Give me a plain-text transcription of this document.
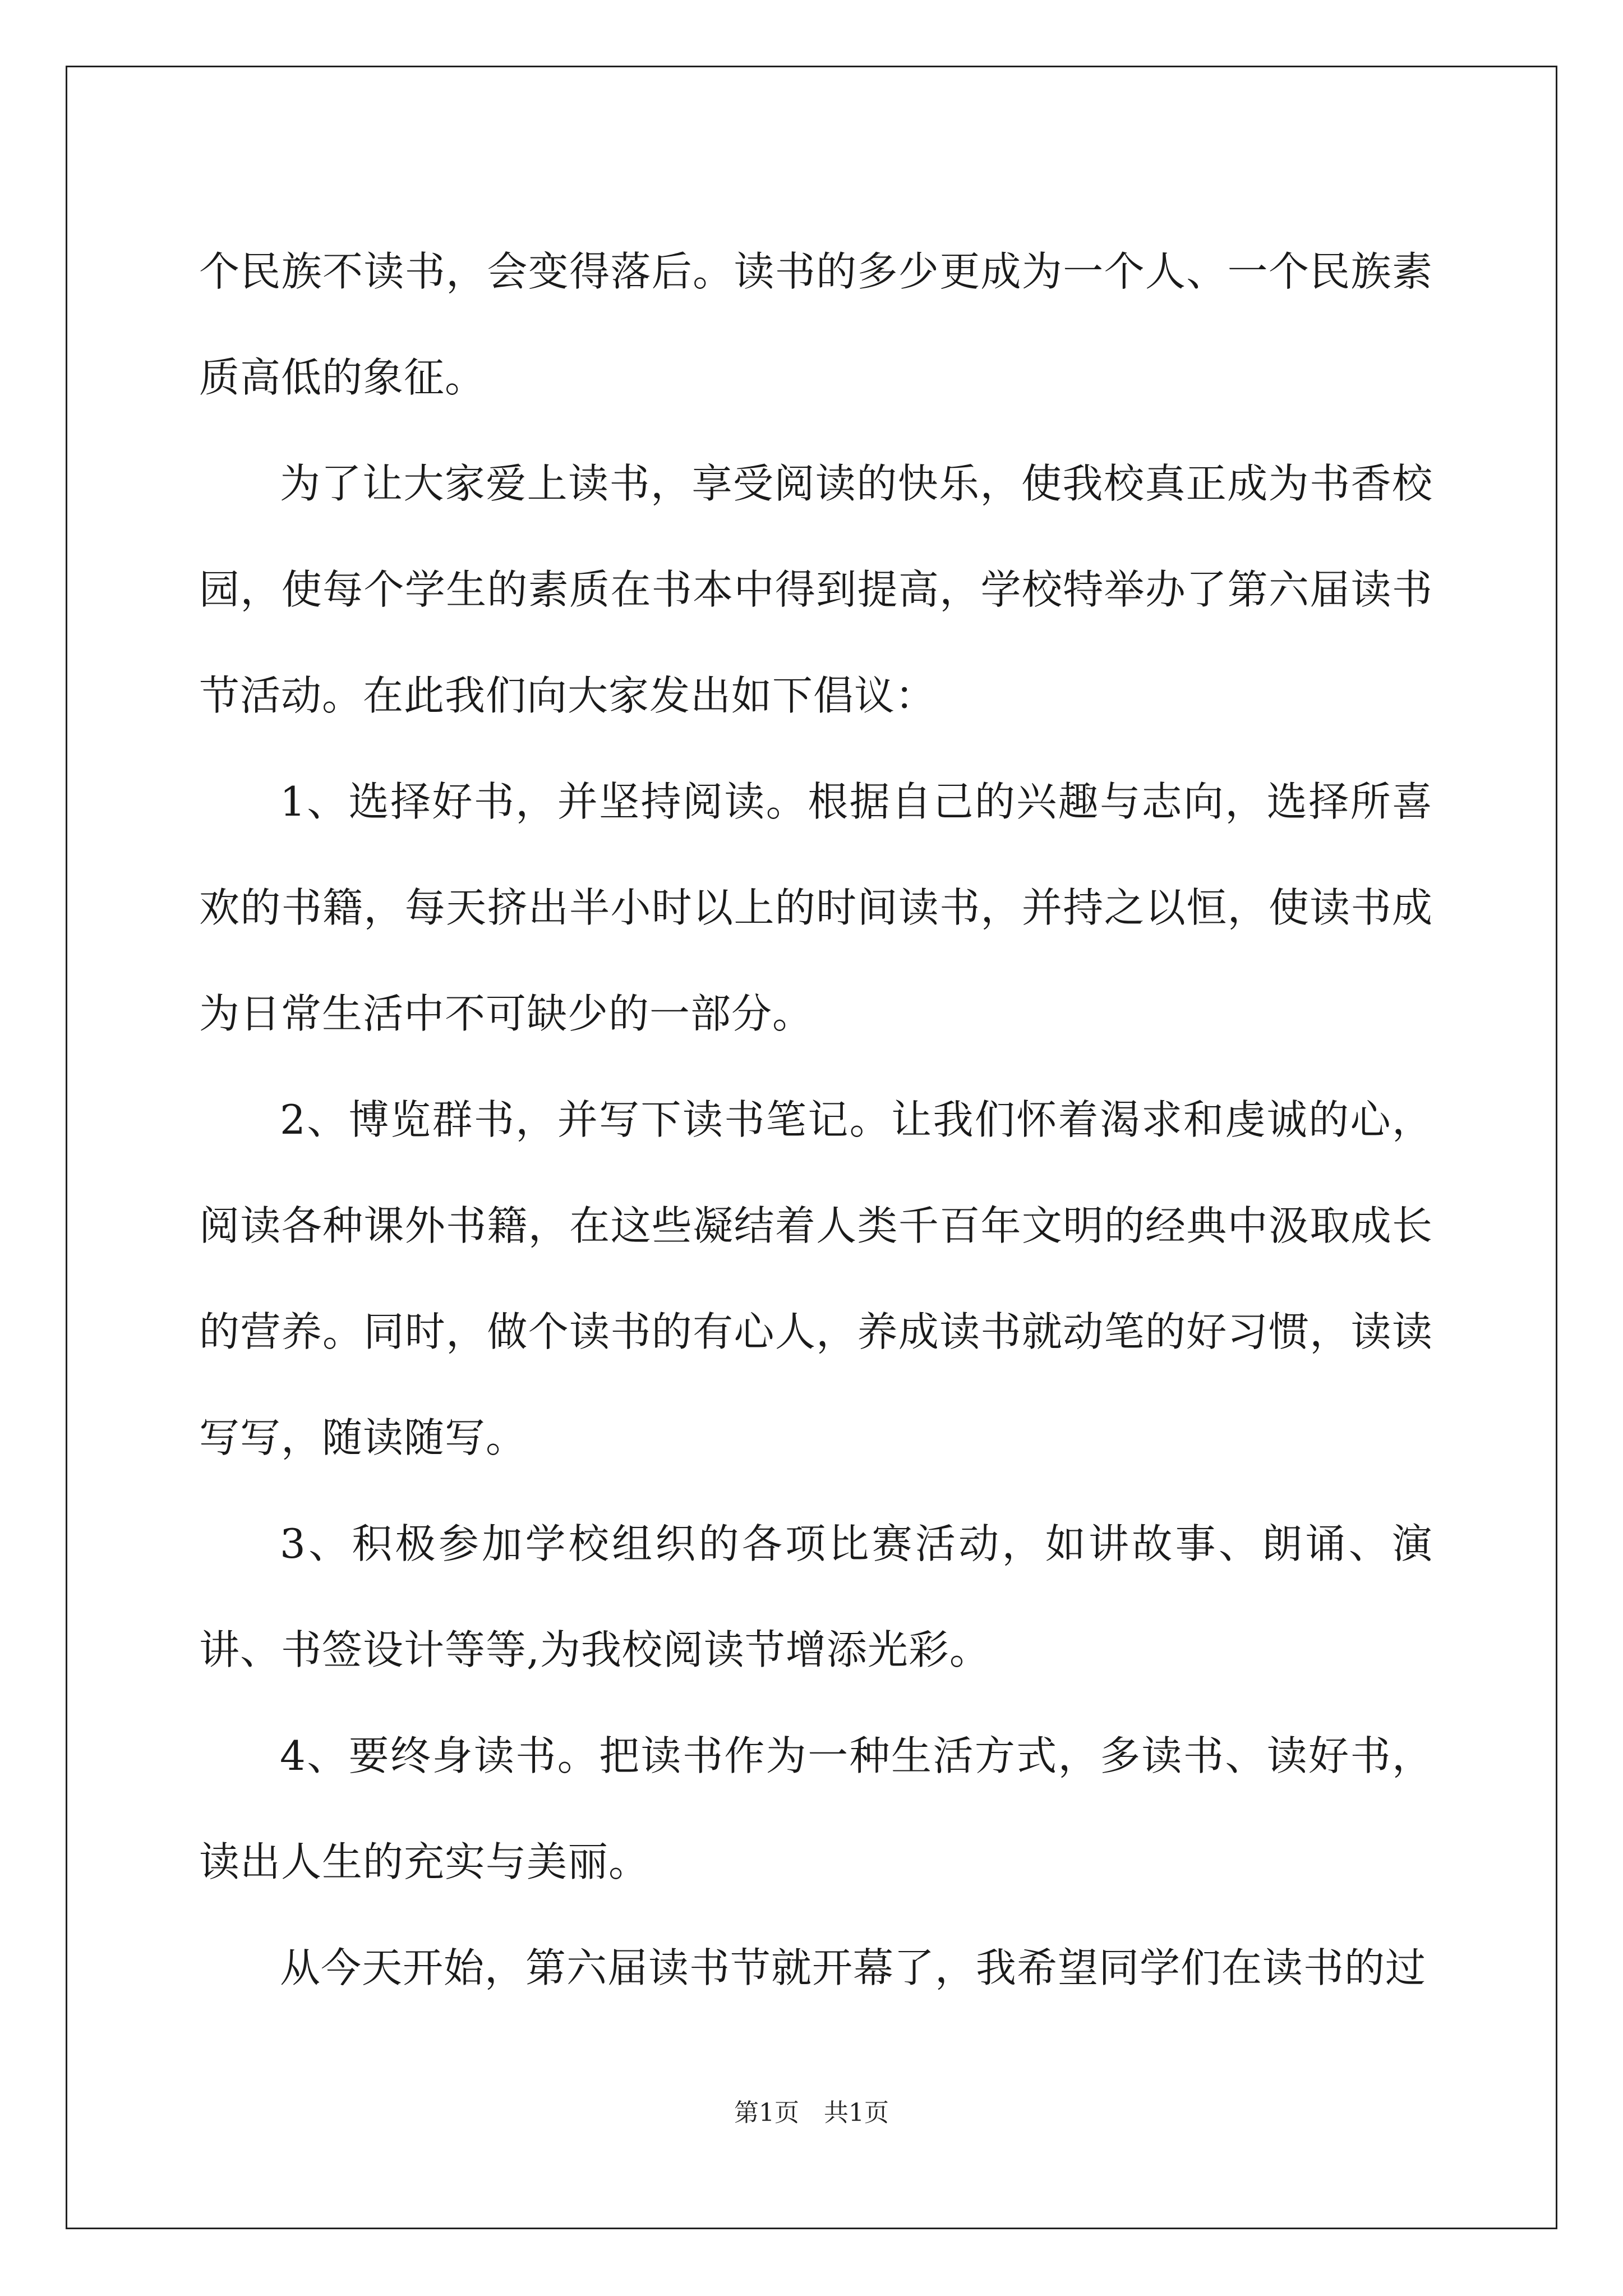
个民族不读书，会变得落后。读书的多少更成为一个人、一个民族素质高低的象征。

为了让大家爱上读书，享受阅读的快乐，使我校真正成为书香校园，使每个学生的素质在书本中得到提高，学校特举办了第六届读书节活动。在此我们向大家发出如下倡议：

1、选择好书，并坚持阅读。根据自己的兴趣与志向，选择所喜欢的书籍，每天挤出半小时以上的时间读书，并持之以恒，使读书成为日常生活中不可缺少的一部分。

2、博览群书，并写下读书笔记。让我们怀着渴求和虔诚的心，阅读各种课外书籍，在这些凝结着人类千百年文明的经典中汲取成长的营养。同时，做个读书的有心人，养成读书就动笔的好习惯，读读写写，随读随写。

3、积极参加学校组织的各项比赛活动，如讲故事、朗诵、演讲、书签设计等等,为我校阅读节增添光彩。

4、要终身读书。把读书作为一种生活方式，多读书、读好书，读出人生的充实与美丽。

从今天开始，第六届读书节就开幕了，我希望同学们在读书的过

第1页　共1页
